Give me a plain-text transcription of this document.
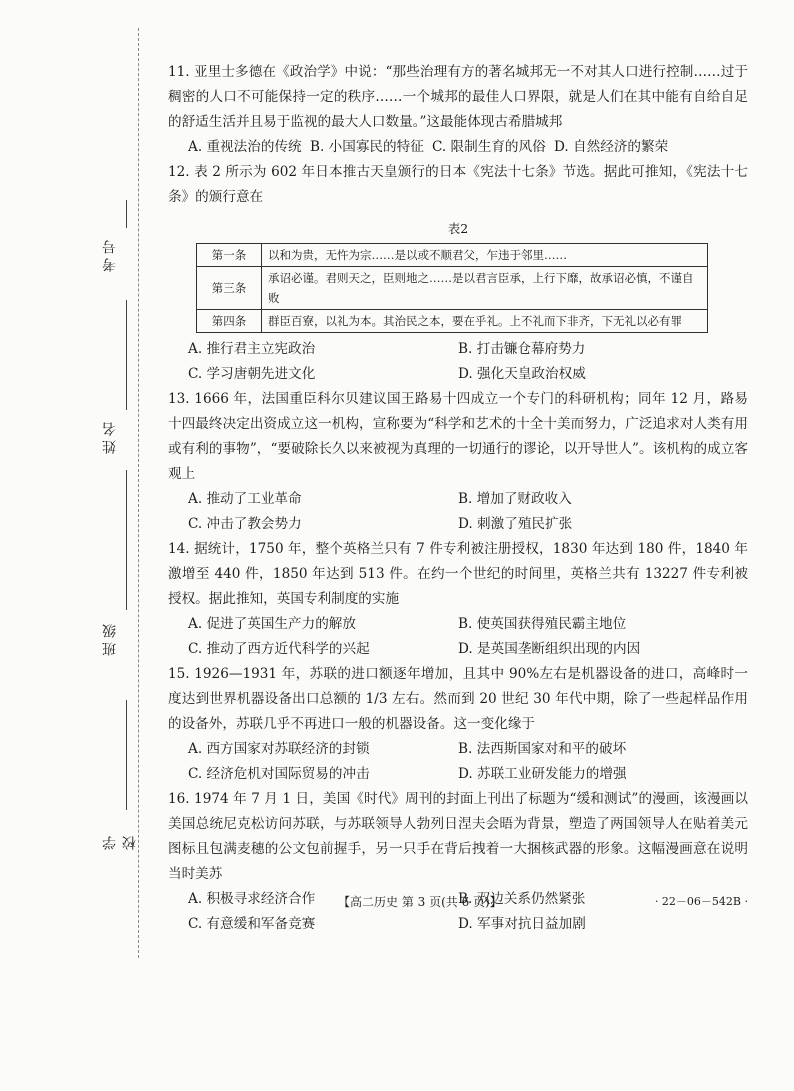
考号
姓名
班级
学校
11. 亚里士多德在《政治学》中说：“那些治理有方的著名城邦无一不对其人口进行控制……过于稠密的人口不可能保持一定的秩序……一个城邦的最佳人口界限，就是人们在其中能有自给自足的舒适生活并且易于监视的最大人口数量。”这最能体现古希腊城邦
A. 重视法治的传统 B. 小国寡民的特征 C. 限制生育的风俗 D. 自然经济的繁荣
12. 表 2 所示为 602 年日本推古天皇颁行的日本《宪法十七条》节选。据此可推知，《宪法十七条》的颁行意在
表2
第一条	以和为贵，无忤为宗……是以或不顺君父，乍违于邻里……
第三条	承诏必谨。君则天之，臣则地之……是以君言臣承，上行下靡，故承诏必慎，不谨自败
第四条	群臣百寮，以礼为本。其治民之本，要在乎礼。上不礼而下非齐，下无礼以必有罪
A. 推行君主立宪政治	B. 打击镰仓幕府势力
C. 学习唐朝先进文化	D. 强化天皇政治权威
13. 1666 年，法国重臣科尔贝建议国王路易十四成立一个专门的科研机构；同年 12 月，路易十四最终决定出资成立这一机构，宣称要为“科学和艺术的十全十美而努力，广泛追求对人类有用或有利的事物”，“要破除长久以来被视为真理的一切通行的谬论，以开导世人”。该机构的成立客观上
A. 推动了工业革命	B. 增加了财政收入
C. 冲击了教会势力	D. 刺激了殖民扩张
14. 据统计，1750 年，整个英格兰只有 7 件专利被注册授权，1830 年达到 180 件，1840 年激增至 440 件，1850 年达到 513 件。在约一个世纪的时间里，英格兰共有 13227 件专利被授权。据此推知，英国专利制度的实施
A. 促进了英国生产力的解放	B. 使英国获得殖民霸主地位
C. 推动了西方近代科学的兴起	D. 是英国垄断组织出现的内因
15. 1926—1931 年，苏联的进口额逐年增加，且其中 90%左右是机器设备的进口，高峰时一度达到世界机器设备出口总额的 1/3 左右。然而到 20 世纪 30 年代中期，除了一些起样品作用的设备外，苏联几乎不再进口一般的机器设备。这一变化缘于
A. 西方国家对苏联经济的封锁	B. 法西斯国家对和平的破坏
C. 经济危机对国际贸易的冲击	D. 苏联工业研发能力的增强
16. 1974 年 7 月 1 日，美国《时代》周刊的封面上刊出了标题为“缓和测试”的漫画，该漫画以美国总统尼克松访问苏联，与苏联领导人勃列日涅夫会晤为背景，塑造了两国领导人在贴着美元图标且包满麦穗的公文包前握手，另一只手在背后拽着一大捆核武器的形象。这幅漫画意在说明当时美苏
A. 积极寻求经济合作	B. 双边关系仍然紧张
C. 有意缓和军备竞赛	D. 军事对抗日益加剧
【高二历史 第 3 页(共 6 页)】	· 22－06－542B ·
